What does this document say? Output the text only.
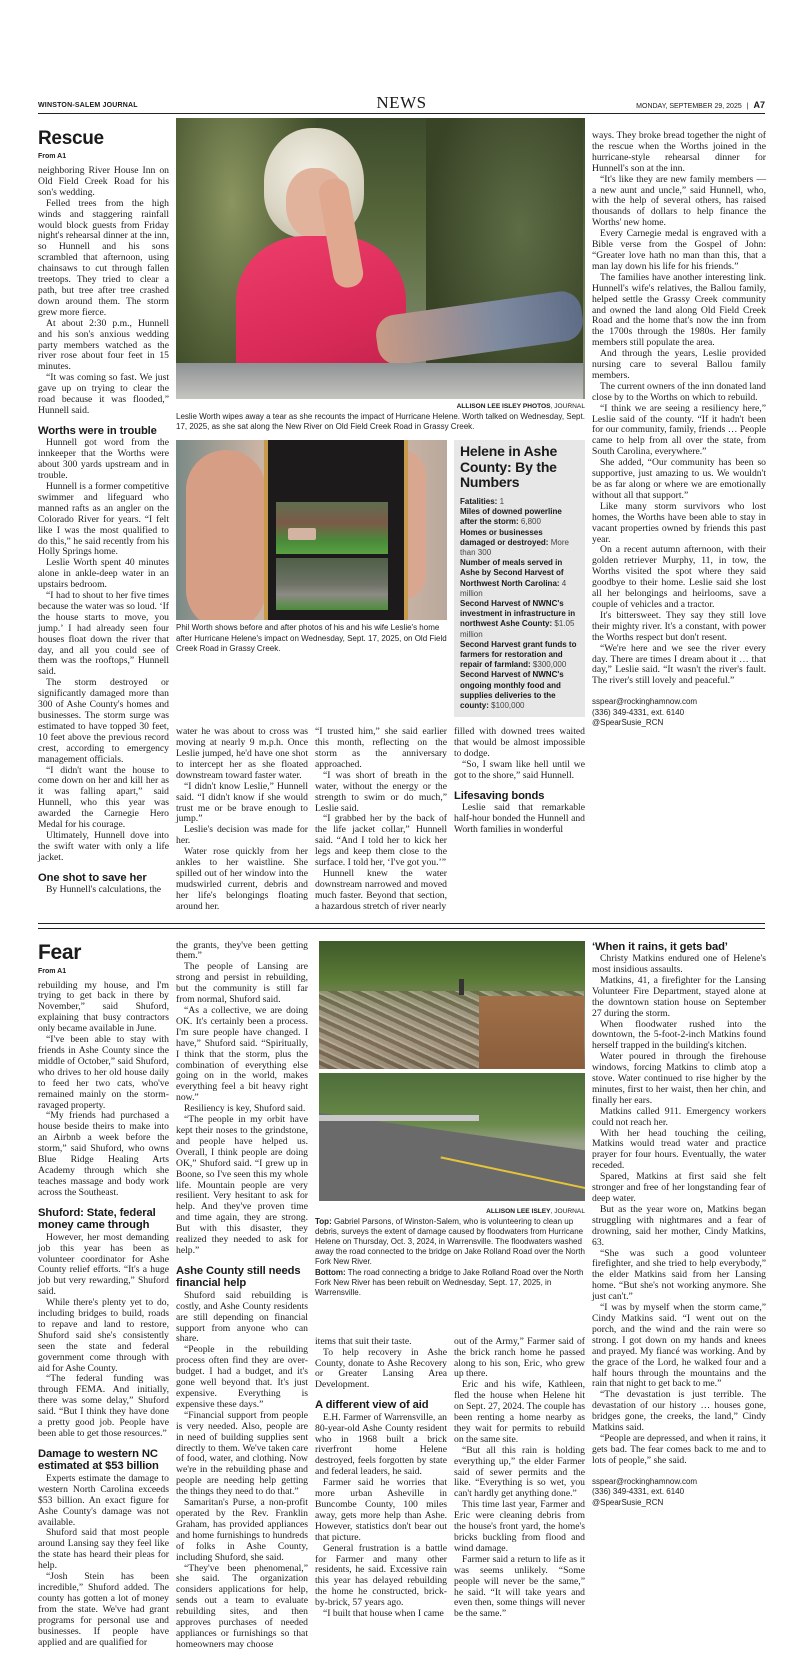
WINSTON-SALEM JOURNAL	NEWS	MONDAY, SEPTEMBER 29, 2025 | A7
Rescue
From A1

neighboring River House Inn on Old Field Creek Road for his son's wedding.

Felled trees from the high winds and staggering rainfall would block guests from Friday night's rehearsal dinner at the inn, so Hunnell and his sons scrambled that afternoon, using chainsaws to cut through fallen treetops. They tried to clear a path, but tree after tree crashed down around them. The storm grew more fierce.

At about 2:30 p.m., Hunnell and his son's anxious wedding party members watched as the river rose about four feet in 15 minutes.

“It was coming so fast. We just gave up on trying to clear the road because it was flooded,” Hunnell said.

Worths were in trouble

Hunnell got word from the innkeeper that the Worths were about 300 yards upstream and in trouble.

Hunnell is a former competitive swimmer and lifeguard who manned rafts as an angler on the Colorado River for years. “I felt like I was the most qualified to do this,” he said recently from his Holly Springs home.

Leslie Worth spent 40 minutes alone in ankle-deep water in an upstairs bedroom.

“I had to shout to her five times because the water was so loud. ‘If the house starts to move, you jump.’ I had already seen four houses float down the river that day, and all you could see of them was the rooftops,” Hunnell said.

The storm destroyed or significantly damaged more than 300 of Ashe County's homes and businesses. The storm surge was estimated to have topped 30 feet, 10 feet above the previous record crest, according to emergency management officials.

“I didn't want the house to come down on her and kill her as it was falling apart,” said Hunnell, who this year was awarded the Carnegie Hero Medal for his courage.

Ultimately, Hunnell dove into the swift water with only a life jacket.

One shot to save her

By Hunnell's calculations, the

ALLISON LEE ISLEY PHOTOS, JOURNAL
Leslie Worth wipes away a tear as she recounts the impact of Hurricane Helene. Worth talked on Wednesday, Sept. 17, 2025, as she sat along the New River on Old Field Creek Road in Grassy Creek.
Phil Worth shows before and after photos of his and his wife Leslie's home after Hurricane Helene's impact on Wednesday, Sept. 17, 2025, on Old Field Creek Road in Grassy Creek.
Helene in Ashe County: By the Numbers

Fatalities: 1

Miles of downed powerline after the storm: 6,800

Homes or businesses damaged or destroyed: More than 300

Number of meals served in Ashe by Second Harvest of Northwest North Carolina: 4 million

Second Harvest of NWNC's investment in infrastructure in northwest Ashe County: $1.05 million

Second Harvest grant funds to farmers for restoration and repair of farmland: $300,000

Second Harvest of NWNC's ongoing monthly food and supplies deliveries to the county: $100,000

water he was about to cross was moving at nearly 9 m.p.h. Once Leslie jumped, he'd have one shot to intercept her as she floated downstream toward faster water.

“I didn't know Leslie,” Hunnell said. “I didn't know if she would trust me or be brave enough to jump.”

Leslie's decision was made for her.

Water rose quickly from her ankles to her waistline. She spilled out of her window into the mudswirled current, debris and her life's belongings floating around her.

“I trusted him,” she said earlier this month, reflecting on the storm as the anniversary approached.

“I was short of breath in the water, without the energy or the strength to swim or do much,” Leslie said.

“I grabbed her by the back of the life jacket collar,” Hunnell said. “And I told her to kick her legs and keep them close to the surface. I told her, ‘I've got you.’”

Hunnell knew the water downstream narrowed and moved much faster. Beyond that section, a hazardous stretch of river nearly

filled with downed trees waited that would be almost impossible to dodge.

“So, I swam like hell until we got to the shore,” said Hunnell.

Lifesaving bonds

Leslie said that remarkable half-hour bonded the Hunnell and Worth families in wonderful

ways. They broke bread together the night of the rescue when the Worths joined in the hurricane-style rehearsal dinner for Hunnell's son at the inn.

“It's like they are new family members — a new aunt and uncle,” said Hunnell, who, with the help of several others, has raised thousands of dollars to help finance the Worths' new home.

Every Carnegie medal is engraved with a Bible verse from the Gospel of John: “Greater love hath no man than this, that a man lay down his life for his friends.”

The families have another interesting link. Hunnell's wife's relatives, the Ballou family, helped settle the Grassy Creek community and owned the land along Old Field Creek Road and the home that's now the inn from the 1700s through the 1980s. Her family members still populate the area.

And through the years, Leslie provided nursing care to several Ballou family members.

The current owners of the inn donated land close by to the Worths on which to rebuild.

“I think we are seeing a resiliency here,” Leslie said of the county. “If it hadn't been for our community, family, friends … People came to help from all over the state, from South Carolina, everywhere.”

She added, “Our community has been so supportive, just amazing to us. We wouldn't be as far along or where we are emotionally without all that support.”

Like many storm survivors who lost homes, the Worths have been able to stay in vacant properties owned by friends this past year.

On a recent autumn afternoon, with their golden retriever Murphy, 11, in tow, the Worths visited the spot where they said goodbye to their home. Leslie said she lost all her belongings and heirlooms, save a couple of vehicles and a tractor.

It's bittersweet. They say they still love their mighty river. It's a constant, with power the Worths respect but don't resent.

“We're here and we see the river every day. There are times I dream about it … that day,” Leslie said. “It wasn't the river's fault. The river's still lovely and peaceful.”

sspear@rockinghamnow.com
(336) 349-4331, ext. 6140
@SpearSusie_RCN
Fear
From A1

rebuilding my house, and I'm trying to get back in there by November,” said Shuford, explaining that busy contractors only became available in June.

“I've been able to stay with friends in Ashe County since the middle of October,” said Shuford, who drives to her old house daily to feed her two cats, who've remained mainly on the storm-ravaged property.

“My friends had purchased a house beside theirs to make into an Airbnb a week before the storm,” said Shuford, who owns Blue Ridge Healing Arts Academy through which she teaches massage and body work across the Southeast.

Shuford: State, federal money came through

However, her most demanding job this year has been as volunteer coordinator for Ashe County relief efforts. “It's a huge job but very rewarding,” Shuford said.

While there's plenty yet to do, including bridges to build, roads to repave and land to restore, Shuford said she's consistently seen the state and federal government come through with aid for Ashe County.

“The federal funding was through FEMA. And initially, there was some delay,” Shuford said. “But I think they have done a pretty good job. People have been able to get those resources.”

Damage to western NC estimated at $53 billion

Experts estimate the damage to western North Carolina exceeds $53 billion. An exact figure for Ashe County's damage was not available.

Shuford said that most people around Lansing say they feel like the state has heard their pleas for help.

“Josh Stein has been incredible,” Shuford added. The county has gotten a lot of money from the state. We've had grant programs for personal use and businesses. If people have applied and are qualified for

the grants, they've been getting them.”

The people of Lansing are strong and persist in rebuilding, but the community is still far from normal, Shuford said.

“As a collective, we are doing OK. It's certainly been a process. I'm sure people have changed. I have,” Shuford said. “Spiritually, I think that the storm, plus the combination of everything else going on in the world, makes everything feel a bit heavy right now.”

Resiliency is key, Shuford said.

“The people in my orbit have kept their noses to the grindstone, and people have helped us. Overall, I think people are doing OK,” Shuford said. “I grew up in Boone, so I've seen this my whole life. Mountain people are very resilient. Very hesitant to ask for help. And they've proven time and time again, they are strong. But with this disaster, they realized they needed to ask for help.”

Ashe County still needs financial help

Shuford said rebuilding is costly, and Ashe County residents are still depending on financial support from anyone who can share.

“People in the rebuilding process often find they are over-budget. I had a budget, and it's gone well beyond that. It's just expensive. Everything is expensive these days.”

“Financial support from people is very needed. Also, people are in need of building supplies sent directly to them. We've taken care of food, water, and clothing. Now we're in the rebuilding phase and people are needing help getting the things they need to do that.”

Samaritan's Purse, a non-profit operated by the Rev. Franklin Graham, has provided appliances and home furnishings to hundreds of folks in Ashe County, including Shuford, she said.

“They've been phenomenal,” she said. The organization considers applications for help, sends out a team to evaluate rebuilding sites, and then approves purchases of needed appliances or furnishings so that homeowners may choose

ALLISON LEE ISLEY, JOURNAL
Top: Gabriel Parsons, of Winston-Salem, who is volunteering to clean up debris, surveys the extent of damage caused by floodwaters from Hurricane Helene on Thursday, Oct. 3, 2024, in Warrensville. The floodwaters washed away the road connected to the bridge on Jake Rolland Road over the North Fork New River.
Bottom: The road connecting a bridge to Jake Rolland Road over the North Fork New River has been rebuilt on Wednesday, Sept. 17, 2025, in Warrensville.

items that suit their taste.

To help recovery in Ashe County, donate to Ashe Recovery or Greater Lansing Area Development.

A different view of aid

E.H. Farmer of Warrensville, an 80-year-old Ashe County resident who in 1968 built a brick riverfront home Helene destroyed, feels forgotten by state and federal leaders, he said.

Farmer said he worries that more urban Asheville in Buncombe County, 100 miles away, gets more help than Ashe. However, statistics don't bear out that picture.

General frustration is a battle for Farmer and many other residents, he said. Excessive rain this year has delayed rebuilding the home he constructed, brick-by-brick, 57 years ago.

“I built that house when I came

out of the Army,” Farmer said of the brick ranch home he passed along to his son, Eric, who grew up there.

Eric and his wife, Kathleen, fled the house when Helene hit on Sept. 27, 2024. The couple has been renting a home nearby as they wait for permits to rebuild on the same site.

“But all this rain is holding everything up,” the elder Farmer said of sewer permits and the like. “Everything is so wet, you can't hardly get anything done.”

This time last year, Farmer and Eric were cleaning debris from the house's front yard, the home's bricks buckling from flood and wind damage.

Farmer said a return to life as it was seems unlikely. “Some people will never be the same,” he said. “It will take years and even then, some things will never be the same.”

‘When it rains, it gets bad’

Christy Matkins endured one of Helene's most insidious assaults.

Matkins, 41, a firefighter for the Lansing Volunteer Fire Department, stayed alone at the downtown station house on September 27 during the storm.

When floodwater rushed into the downtown, the 5-foot-2-inch Matkins found herself trapped in the building's kitchen.

Water poured in through the firehouse windows, forcing Matkins to climb atop a stove. Water continued to rise higher by the minutes, first to her waist, then her chin, and finally her ears.

Matkins called 911. Emergency workers could not reach her.

With her head touching the ceiling, Matkins would tread water and practice prayer for four hours. Eventually, the water receded.

Spared, Matkins at first said she felt stronger and free of her longstanding fear of deep water.

But as the year wore on, Matkins began struggling with nightmares and a fear of drowning, said her mother, Cindy Matkins, 63.

“She was such a good volunteer firefighter, and she tried to help everybody,” the elder Matkins said from her Lansing home. “But she's not working anymore. She just can't.”

“I was by myself when the storm came,” Cindy Matkins said. “I went out on the porch, and the wind and the rain were so strong. I got down on my hands and knees and prayed. My fiancé was working. And by the grace of the Lord, he walked four and a half hours through the mountains and the rain that night to get back to me.”

“The devastation is just terrible. The devastation of our history … houses gone, bridges gone, the creeks, the land,” Cindy Matkins said.

“People are depressed, and when it rains, it gets bad. The fear comes back to me and to lots of people,” she said.

sspear@rockinghamnow.com
(336) 349-4331, ext. 6140
@SpearSusie_RCN
